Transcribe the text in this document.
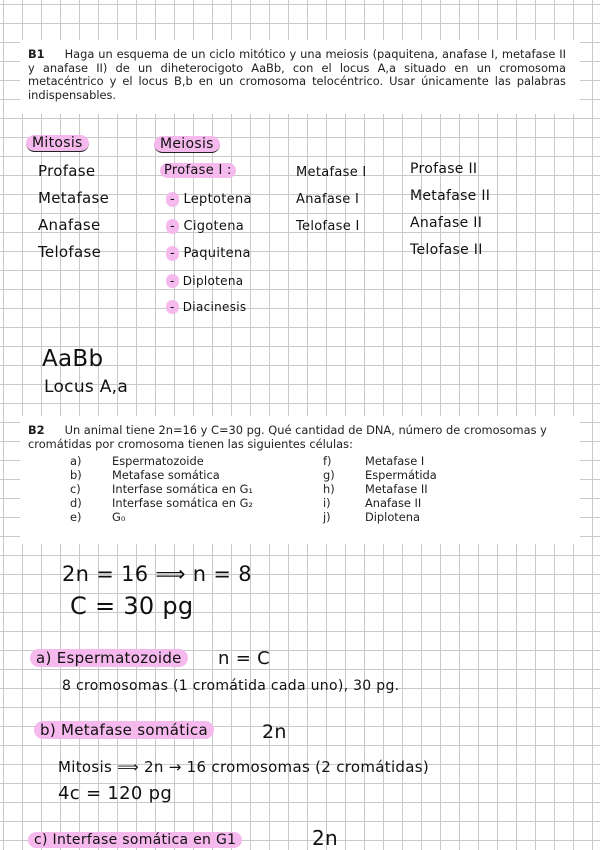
B1 Haga un esquema de un ciclo mitótico y una meiosis (paquitena, anafase I, metafase II y anafase II) de un diheterocigoto AaBb, con el locus A,a situado en un cromosoma metacéntrico y el locus B,b en un cromosoma telocéntrico. Usar únicamente las palabras indispensables.
Mitosis	Meiosis
Profase
Metafase
Anafase
Telofase
Profase I :
- Leptotena
- Cigotena
- Paquitena
- Diplotena
- Diacinesis
Metafase I
Anafase I
Telofase I
Profase II
Metafase II
Anafase II
Telofase II
AaBb
Locus A,a
B2 Un animal tiene 2n=16 y C=30 pg. Qué cantidad de DNA, número de cromosomas y cromátidas por cromosoma tienen las siguientes células:
a)	Espermatozoide
b)	Metafase somática
c)	Interfase somática en G₁
d)	Interfase somática en G₂
e)	G₀
f)	Metafase I
g)	Espermátida
h)	Metafase II
i)	Anafase II
j)	Diplotena
2n = 16 ⟹ n = 8
C = 30 pg
a) Espermatozoide	n = C
8 cromosomas (1 cromátida cada uno), 30 pg.
b) Metafase somática	2n
Mitosis ⟹ 2n → 16 cromosomas (2 cromátidas)
4c = 120 pg
c) Interfase somática en G1	2n
